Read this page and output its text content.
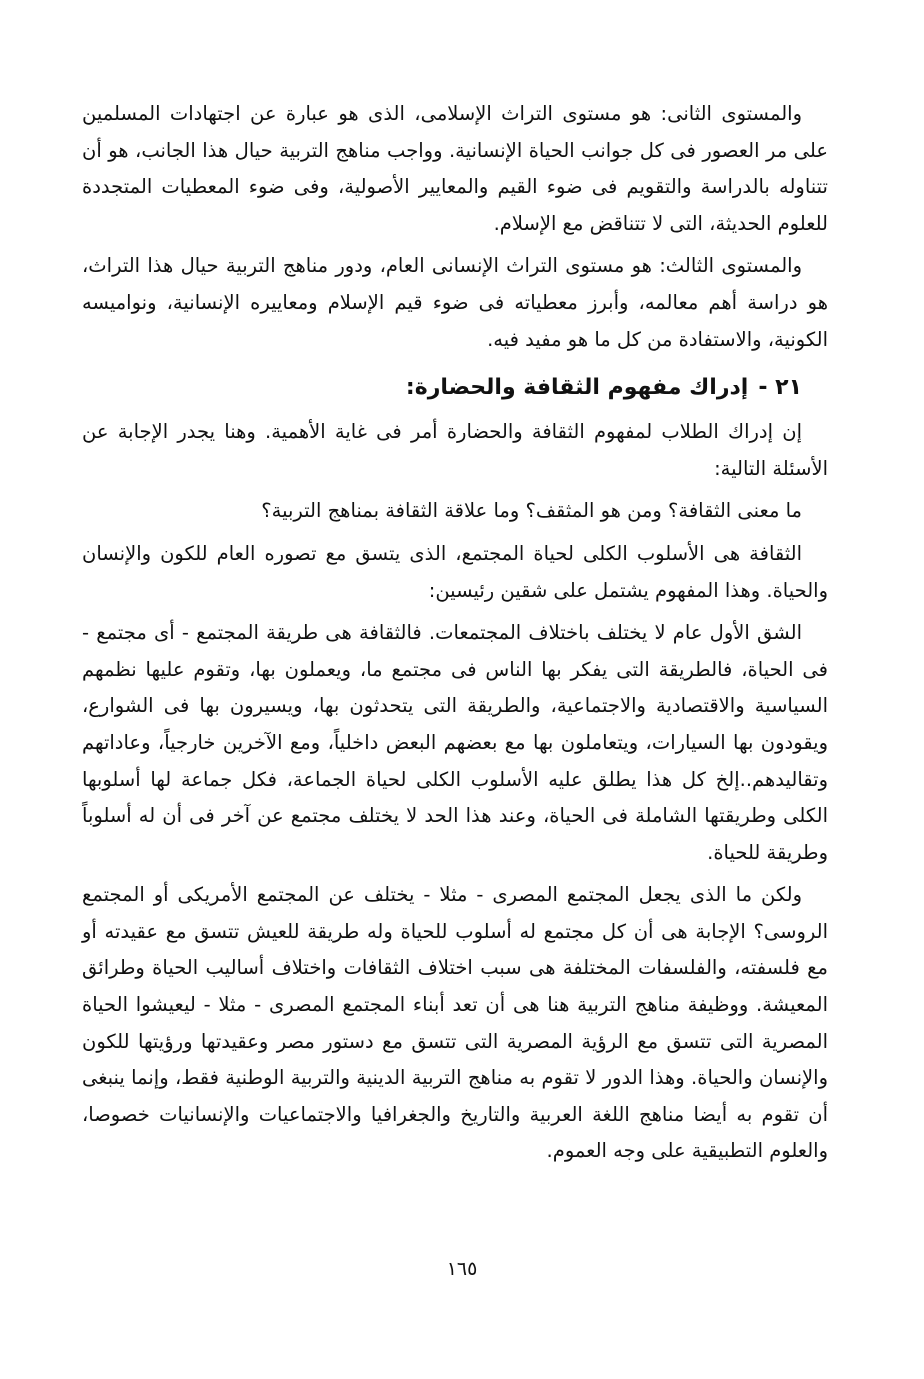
والمستوى الثانى: هو مستوى التراث الإسلامى، الذى هو عبارة عن اجتهادات المسلمين على مر العصور فى كل جوانب الحياة الإنسانية. وواجب مناهج التربية حيال هذا الجانب، هو أن تتناوله بالدراسة والتقويم فى ضوء القيم والمعايير الأصولية، وفى ضوء المعطيات المتجددة للعلوم الحديثة، التى لا تتناقض مع الإسلام.

والمستوى الثالث: هو مستوى التراث الإنسانى العام، ودور مناهج التربية حيال هذا التراث، هو دراسة أهم معالمه، وأبرز معطياته فى ضوء قيم الإسلام ومعاييره الإنسانية، ونواميسه الكونية، والاستفادة من كل ما هو مفيد فيه.

٢١ -إدراك مفهوم الثقافة والحضارة:

إن إدراك الطلاب لمفهوم الثقافة والحضارة أمر فى غاية الأهمية. وهنا يجدر الإجابة عن الأسئلة التالية:

ما معنى الثقافة؟ ومن هو المثقف؟ وما علاقة الثقافة بمناهج التربية؟

الثقافة هى الأسلوب الكلى لحياة المجتمع، الذى يتسق مع تصوره العام للكون والإنسان والحياة. وهذا المفهوم يشتمل على شقين رئيسين:

الشق الأول عام لا يختلف باختلاف المجتمعات. فالثقافة هى طريقة المجتمع - أى مجتمع - فى الحياة، فالطريقة التى يفكر بها الناس فى مجتمع ما، ويعملون بها، وتقوم عليها نظمهم السياسية والاقتصادية والاجتماعية، والطريقة التى يتحدثون بها، ويسيرون بها فى الشوارع، ويقودون بها السيارات، ويتعاملون بها مع بعضهم البعض داخلياً، ومع الآخرين خارجياً، وعاداتهم وتقاليدهم..إلخ كل هذا يطلق عليه الأسلوب الكلى لحياة الجماعة، فكل جماعة لها أسلوبها الكلى وطريقتها الشاملة فى الحياة، وعند هذا الحد لا يختلف مجتمع عن آخر فى أن له أسلوباً وطريقة للحياة.

ولكن ما الذى يجعل المجتمع المصرى - مثلا - يختلف عن المجتمع الأمريكى أو المجتمع الروسى؟ الإجابة هى أن كل مجتمع له أسلوب للحياة وله طريقة للعيش تتسق مع عقيدته أو مع فلسفته، والفلسفات المختلفة هى سبب اختلاف الثقافات واختلاف أساليب الحياة وطرائق المعيشة. ووظيفة مناهج التربية هنا هى أن تعد أبناء المجتمع المصرى - مثلا - ليعيشوا الحياة المصرية التى تتسق مع الرؤية المصرية التى تتسق مع دستور مصر وعقيدتها ورؤيتها للكون والإنسان والحياة. وهذا الدور لا تقوم به مناهج التربية الدينية والتربية الوطنية فقط، وإنما ينبغى أن تقوم به أيضا مناهج اللغة العربية والتاريخ والجغرافيا والاجتماعيات والإنسانيات خصوصا، والعلوم التطبيقية على وجه العموم.

١٦٥
